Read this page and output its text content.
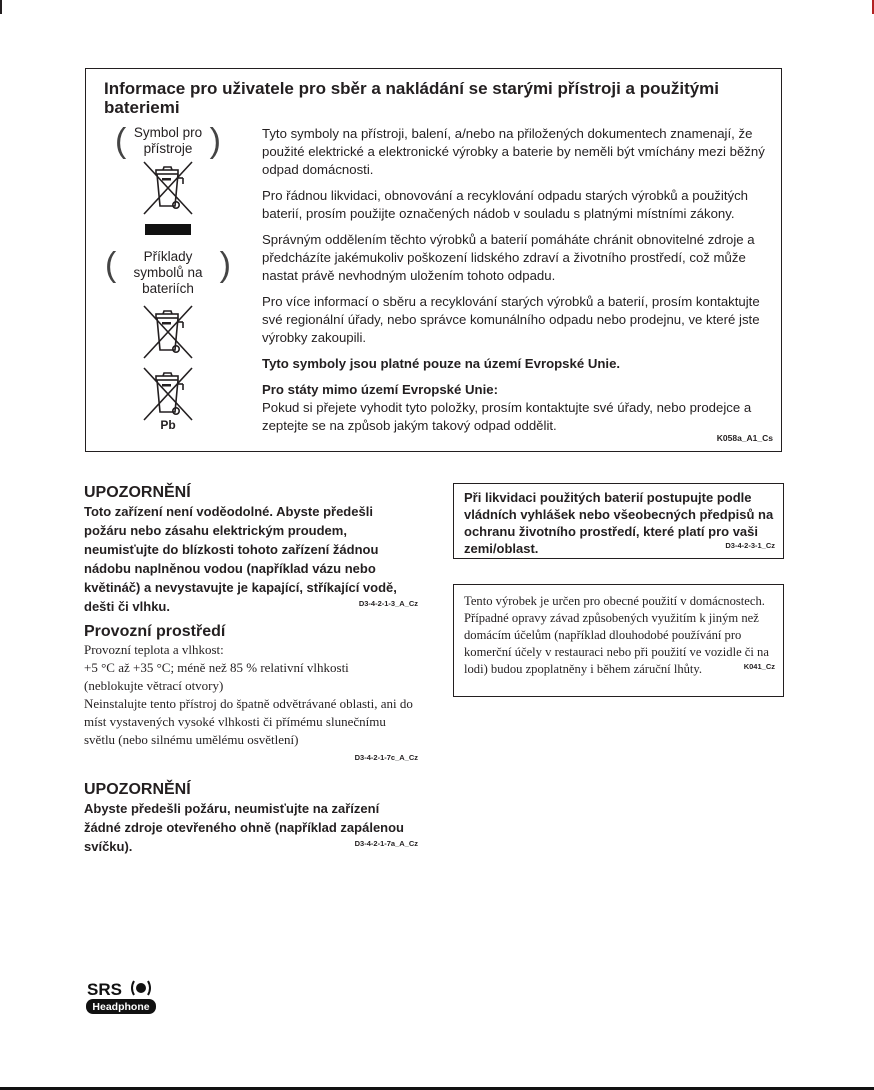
Informace pro uživatele pro sběr a nakládání se starými přístroji a použitými bateriemi
( Symbol pro přístroje )
( Příklady symbolů na bateriích )
Pb

Tyto symboly na přístroji, balení, a/nebo na přiložených dokumentech znamenají, že použité elektrické a elektronické výrobky a baterie by neměli být vmíchány mezi běžný odpad domácnosti.

Pro řádnou likvidaci, obnovování a recyklování odpadu starých výrobků a použitých baterií, prosím použijte označených nádob v souladu s platnými místními zákony.

Správným oddělením těchto výrobků a baterií pomáháte chránit obnovitelné zdroje a předcházíte jakémukoliv poškození lidského zdraví a životního prostředí, což může nastat právě nevhodným uložením tohoto odpadu.

Pro více informací o sběru a recyklování starých výrobků a baterií, prosím kontaktujte své regionální úřady, nebo správce komunálního odpadu nebo prodejnu, ve které jste výrobky zakoupili.

Tyto symboly jsou platné pouze na území Evropské Unie.

Pro státy mimo území Evropské Unie:

Pokud si přejete vyhodit tyto položky, prosím kontaktujte své úřady, nebo prodejce a zeptejte se na způsob jakým takový odpad oddělit.

K058a_A1_Cs
UPOZORNĚNÍ
Toto zařízení není voděodolné. Abyste předešli požáru nebo zásahu elektrickým proudem, neumisťujte do blízkosti tohoto zařízení žádnou nádobu naplněnou vodou (například vázu nebo květináč) a nevystavujte je kapající, stříkající vodě, dešti či vlhku.	D3-4-2-1-3_A_Cz
Provozní prostředí
Provozní teplota a vlhkost:
+5 °C až +35 °C; méně než 85 % relativní vlhkosti
(neblokujte větrací otvory)
Neinstalujte tento přístroj do špatně odvětrávané oblasti, ani do míst vystavených vysoké vlhkosti či přímému slunečnímu světlu (nebo silnému umělému osvětlení)
D3-4-2-1-7c_A_Cz
UPOZORNĚNÍ
Abyste předešli požáru, neumisťujte na zařízení žádné zdroje otevřeného ohně (například zapálenou svíčku).	D3-4-2-1-7a_A_Cz
Při likvidaci použitých baterií postupujte podle vládních vyhlášek nebo všeobecných předpisů na ochranu životního prostředí, které platí pro vaši zemi/oblast.	D3-4-2-3-1_Cz
Tento výrobek je určen pro obecné použití v domácnostech. Případné opravy závad způsobených využitím k jiným než domácím účelům (například dlouhodobé používání pro komerční účely v restauraci nebo při použití ve vozidle či na lodi) budou zpoplatněny i během záruční lhůty.	K041_Cz
SRS
Headphone
